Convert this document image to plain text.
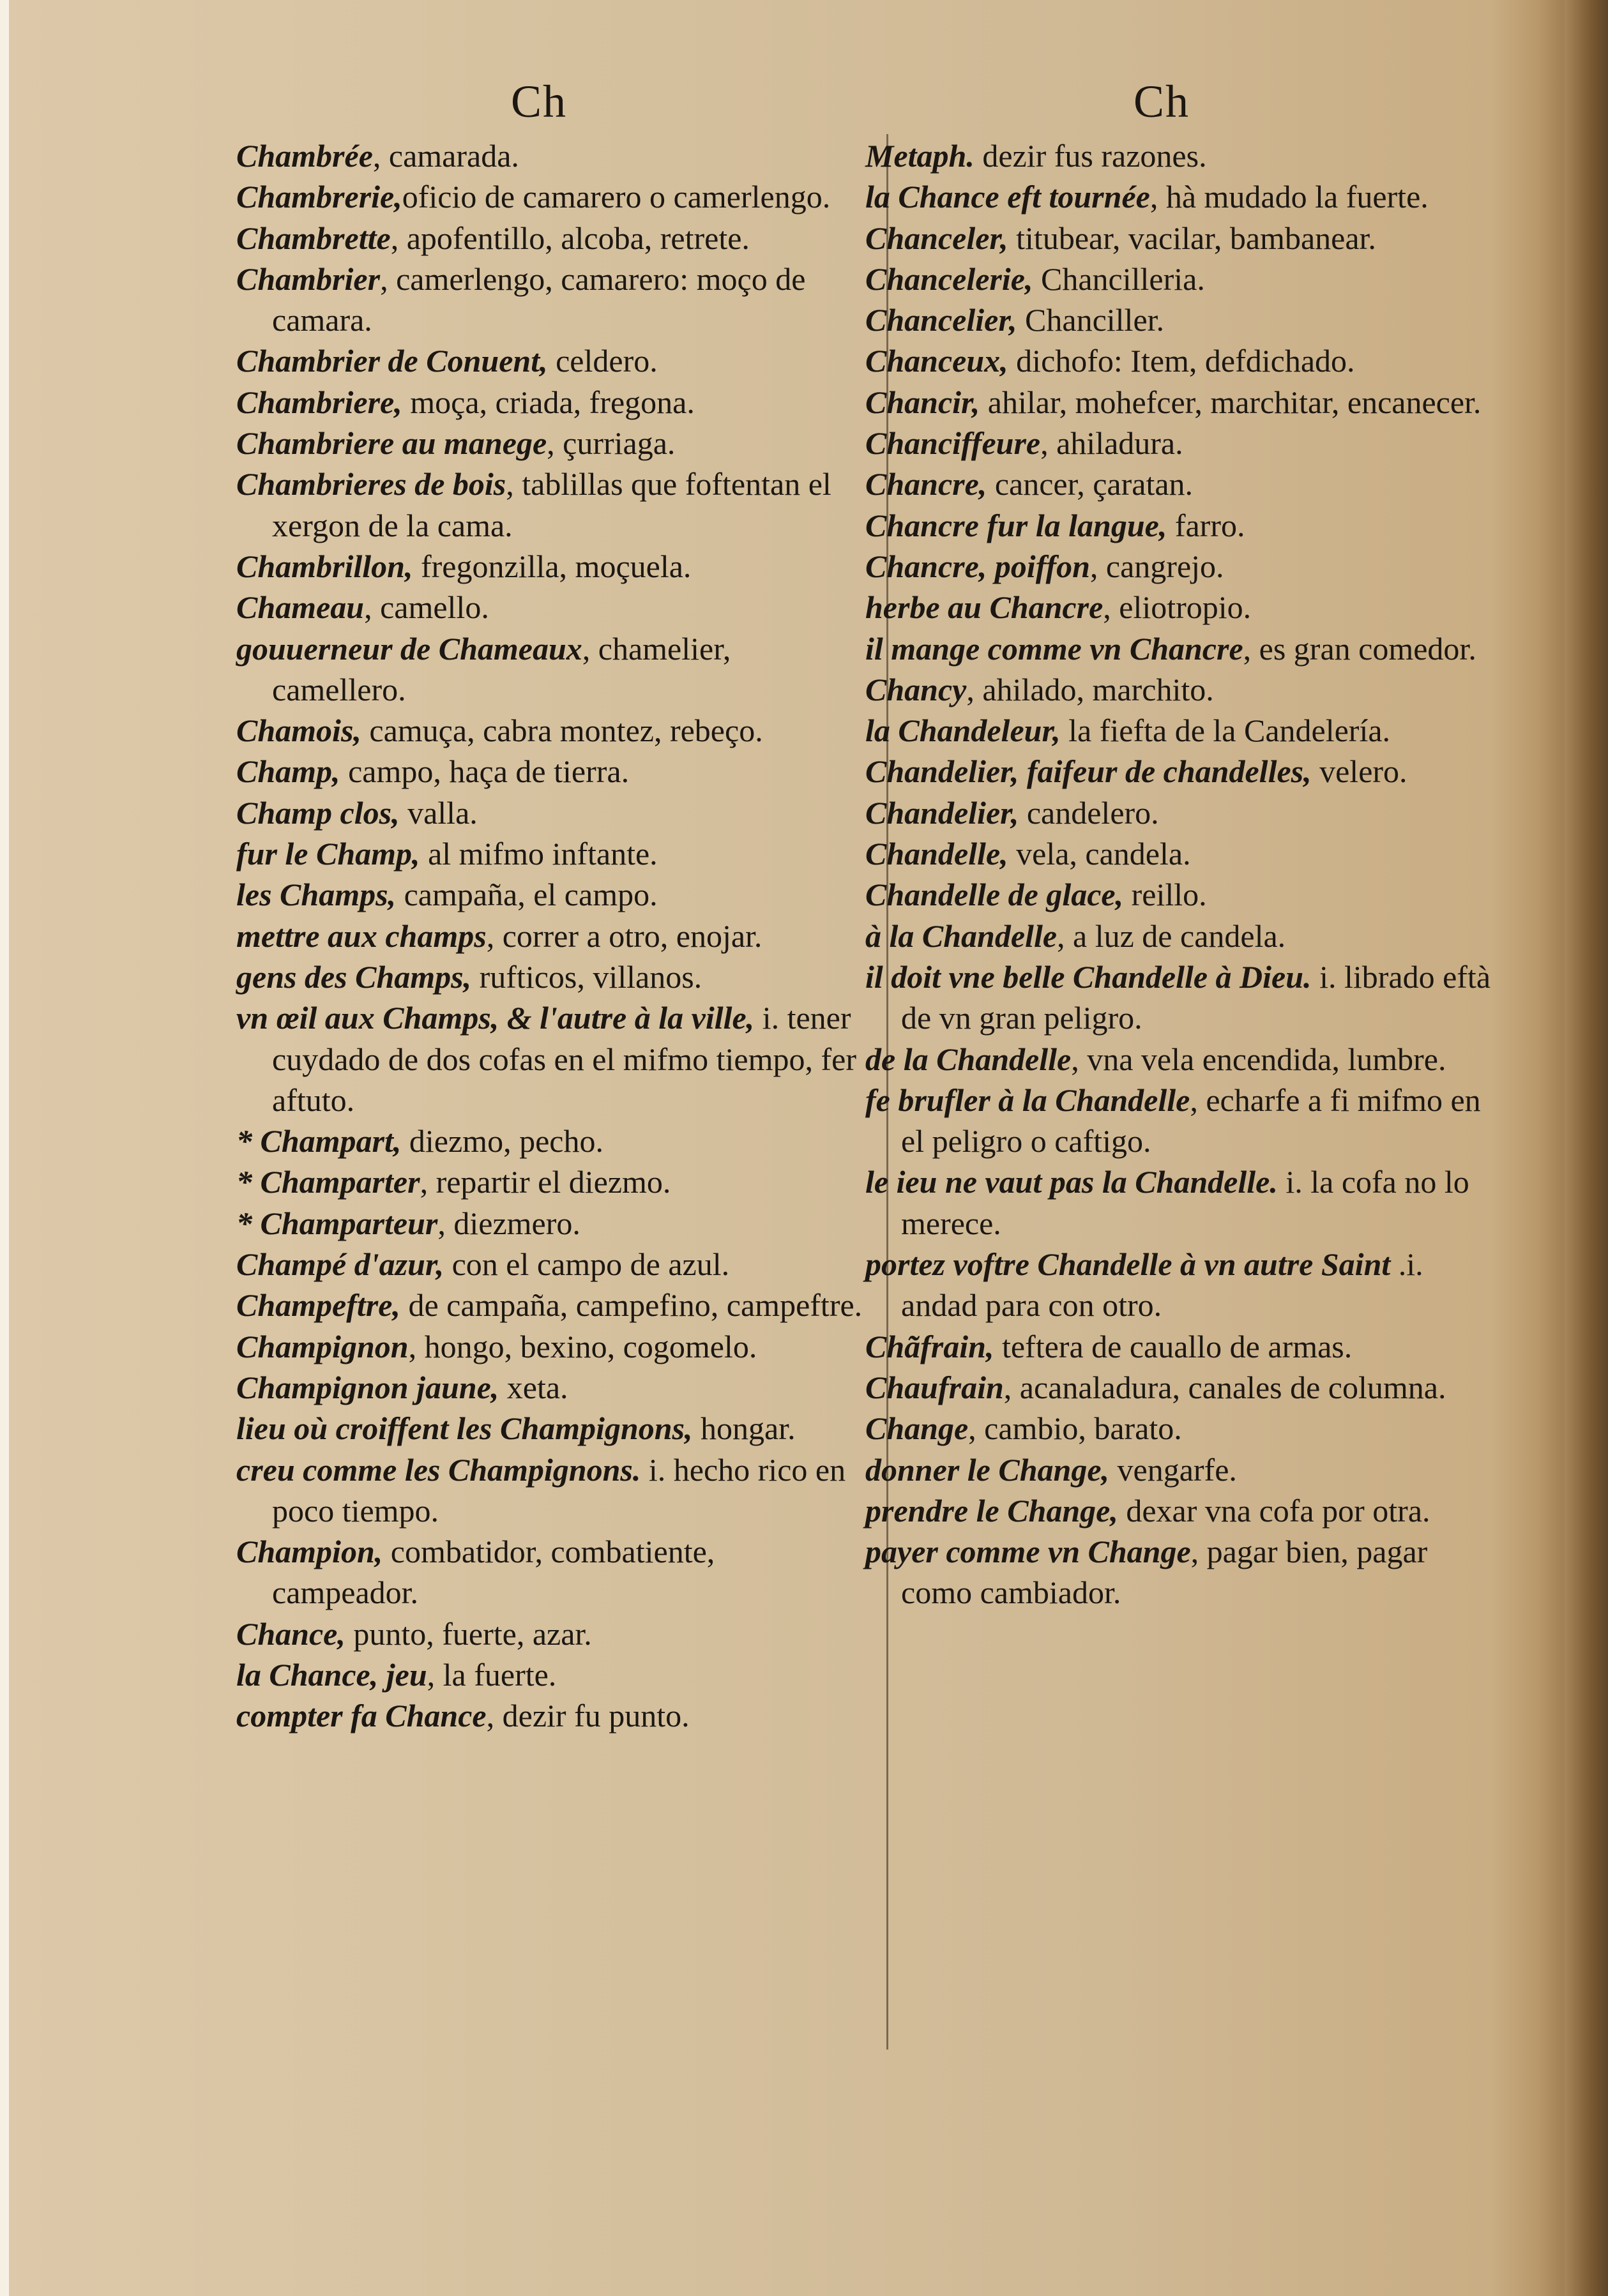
Ch
Chambrée, camarada.
Chambrerie,oficio de camarero o camerlengo.
Chambrette, apofentillo, alcoba, retrete.
Chambrier, camerlengo, camarero: moço de camara.
Chambrier de Conuent, celdero.
Chambriere, moça, criada, fregona.
Chambriere au manege, çurriaga.
Chambrieres de bois, tablillas que foftentan el xergon de la cama.
Chambrillon, fregonzilla, moçuela.
Chameau, camello.
gouuerneur de Chameaux, chamelier, camellero.
Chamois, camuça, cabra montez, rebeço.
Champ, campo, haça de tierra.
Champ clos, valla.
fur le Champ, al mifmo inftante.
les Champs, campaña, el campo.
mettre aux champs, correr a otro, enojar.
gens des Champs, rufticos, villanos.
vn œil aux Champs, & l'autre à la ville, i. tener cuydado de dos cofas en el mifmo tiempo, fer aftuto.
* Champart, diezmo, pecho.
* Champarter, repartir el diezmo.
* Champarteur, diezmero.
Champé d'azur, con el campo de azul.
Champeftre, de campaña, campefino, campeftre.
Champignon, hongo, bexino, cogomelo.
Champignon jaune, xeta.
lieu où croiffent les Champignons, hongar.
creu comme les Champignons. i. hecho rico en poco tiempo.
Champion, combatidor, combatiente, campeador.
Chance, punto, fuerte, azar.
la Chance, jeu, la fuerte.
compter fa Chance, dezir fu punto.
Ch
Metaph. dezir fus razones.
la Chance eft tournée, hà mudado la fuerte.
Chanceler, titubear, vacilar, bambanear.
Chancelerie, Chancilleria.
Chancelier, Chanciller.
Chanceux, dichofo: Item, defdichado.
Chancir, ahilar, mohefcer, marchitar, encanecer.
Chanciffeure, ahiladura.
Chancre, cancer, çaratan.
Chancre fur la langue, farro.
Chancre, poiffon, cangrejo.
herbe au Chancre, eliotropio.
il mange comme vn Chancre, es gran comedor.
Chancy, ahilado, marchito.
la Chandeleur, la fiefta de la Candelería.
Chandelier, faifeur de chandelles, velero.
Chandelier, candelero.
Chandelle, vela, candela.
Chandelle de glace, reillo.
à la Chandelle, a luz de candela.
il doit vne belle Chandelle à Dieu. i. librado eftà de vn gran peligro.
de la Chandelle, vna vela encendida, lumbre.
fe brufler à la Chandelle, echarfe a fi mifmo en el peligro o caftigo.
le ieu ne vaut pas la Chandelle. i. la cofa no lo merece.
portez voftre Chandelle à vn autre Saint .i. andad para con otro.
Chãfrain, teftera de cauallo de armas.
Chaufrain, acanaladura, canales de columna.
Change, cambio, barato.
donner le Change, vengarfe.
prendre le Change, dexar vna cofa por otra.
payer comme vn Change, pagar bien, pagar como cambiador.
